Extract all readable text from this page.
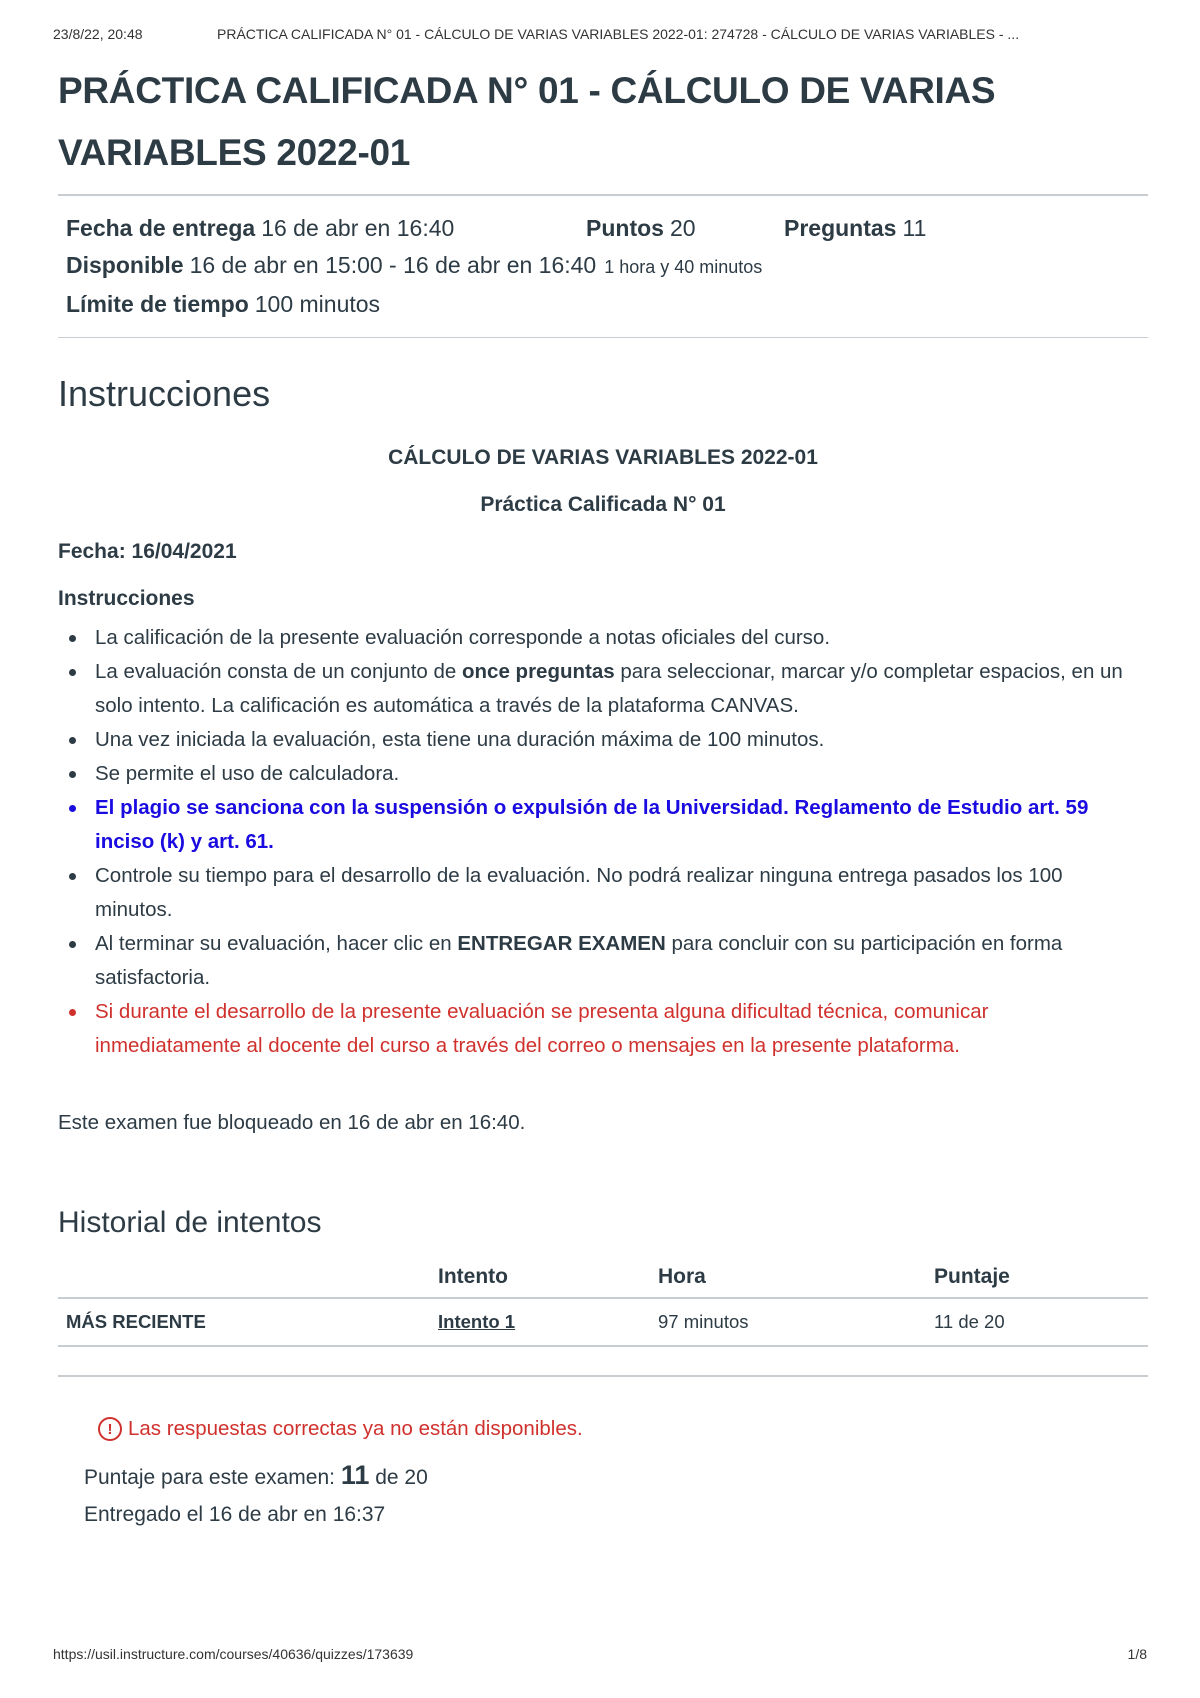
23/8/22, 20:48	PRÁCTICA CALIFICADA N° 01 - CÁLCULO DE VARIAS VARIABLES 2022-01: 274728 - CÁLCULO DE VARIAS VARIABLES - ...
PRÁCTICA CALIFICADA N° 01 - CÁLCULO DE VARIAS VARIABLES 2022-01
Fecha de entrega 16 de abr en 16:40	Puntos 20	Preguntas 11
Disponible 16 de abr en 15:00 - 16 de abr en 16:40 1 hora y 40 minutos
Límite de tiempo 100 minutos
Instrucciones

CÁLCULO DE VARIAS VARIABLES 2022-01

Práctica Calificada N° 01

Fecha: 16/04/2021

Instrucciones

La calificación de la presente evaluación corresponde a notas oficiales del curso.
La evaluación consta de un conjunto de once preguntas para seleccionar, marcar y/o completar espacios, en un solo intento. La calificación es automática a través de la plataforma CANVAS.
Una vez iniciada la evaluación, esta tiene una duración máxima de 100 minutos.
Se permite el uso de calculadora.
El plagio se sanciona con la suspensión o expulsión de la Universidad. Reglamento de Estudio art. 59 inciso (k) y art. 61.
Controle su tiempo para el desarrollo de la evaluación. No podrá realizar ninguna entrega pasados los 100 minutos.
Al terminar su evaluación, hacer clic en ENTREGAR EXAMEN para concluir con su participación en forma satisfactoria.
Si durante el desarrollo de la presente evaluación se presenta alguna dificultad técnica, comunicar inmediatamente al docente del curso a través del correo o mensajes en la presente plataforma.

Este examen fue bloqueado en 16 de abr en 16:40.

Historial de intentos
	Intento	Hora	Puntaje
MÁS RECIENTE	Intento 1	97 minutos	11 de 20
! Las respuestas correctas ya no están disponibles.
Puntaje para este examen: 11 de 20
Entregado el 16 de abr en 16:37
https://usil.instructure.com/courses/40636/quizzes/173639	1/8
